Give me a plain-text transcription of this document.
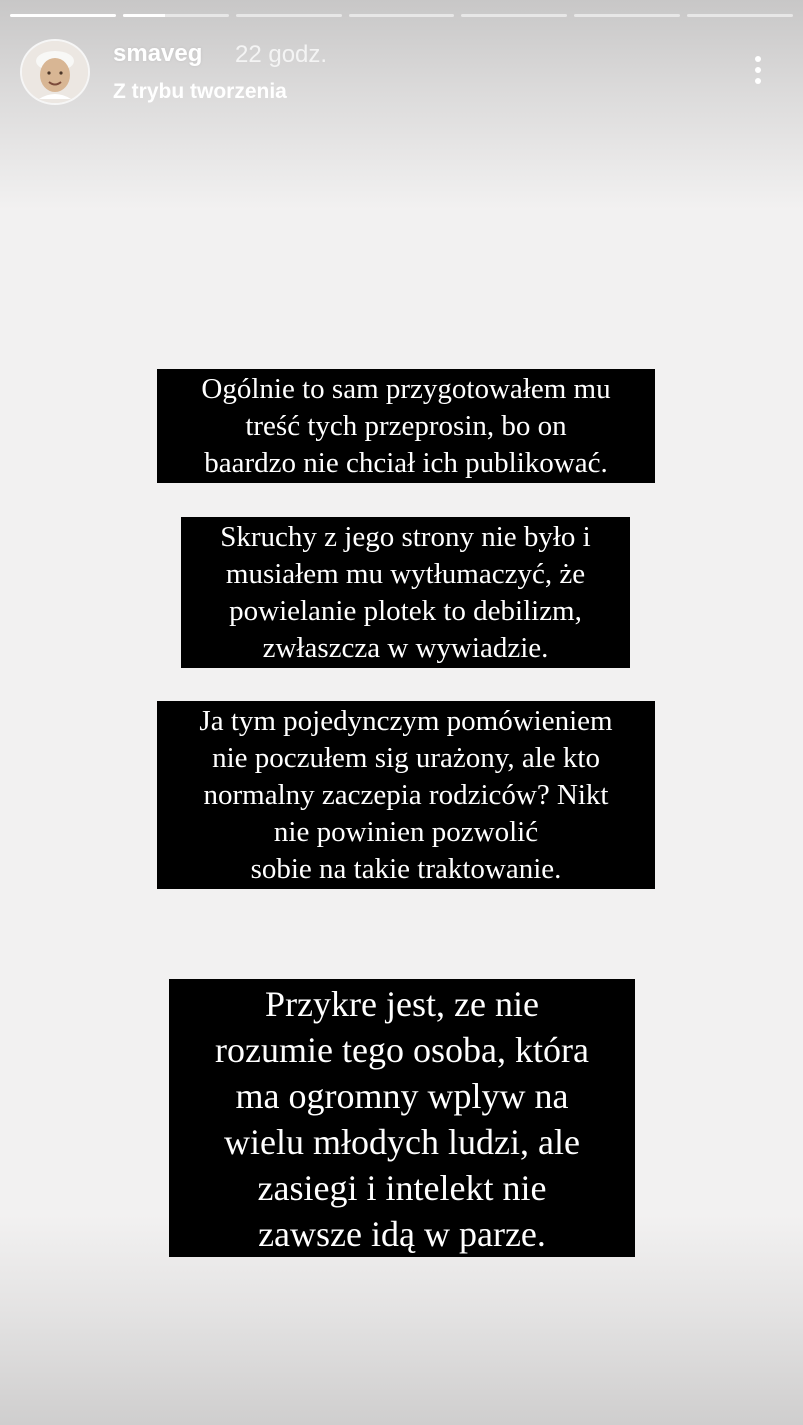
smaveg 22 godz.
Z trybu tworzenia
Ogólnie to sam przygotowałem mu
treść tych przeprosin, bo on
baardzo nie chciał ich publikować.
Skruchy z jego strony nie było i
musiałem mu wytłumaczyć, że
powielanie plotek to debilizm,
zwłaszcza w wywiadzie.
Ja tym pojedynczym pomówieniem
nie poczułem sig urażony, ale kto
normalny zaczepia rodziców? Nikt
nie powinien pozwolić
sobie na takie traktowanie.
Przykre jest, ze nie
rozumie tego osoba, która
ma ogromny wplyw na
wielu młodych ludzi, ale
zasiegi i intelekt nie
zawsze idą w parze.
